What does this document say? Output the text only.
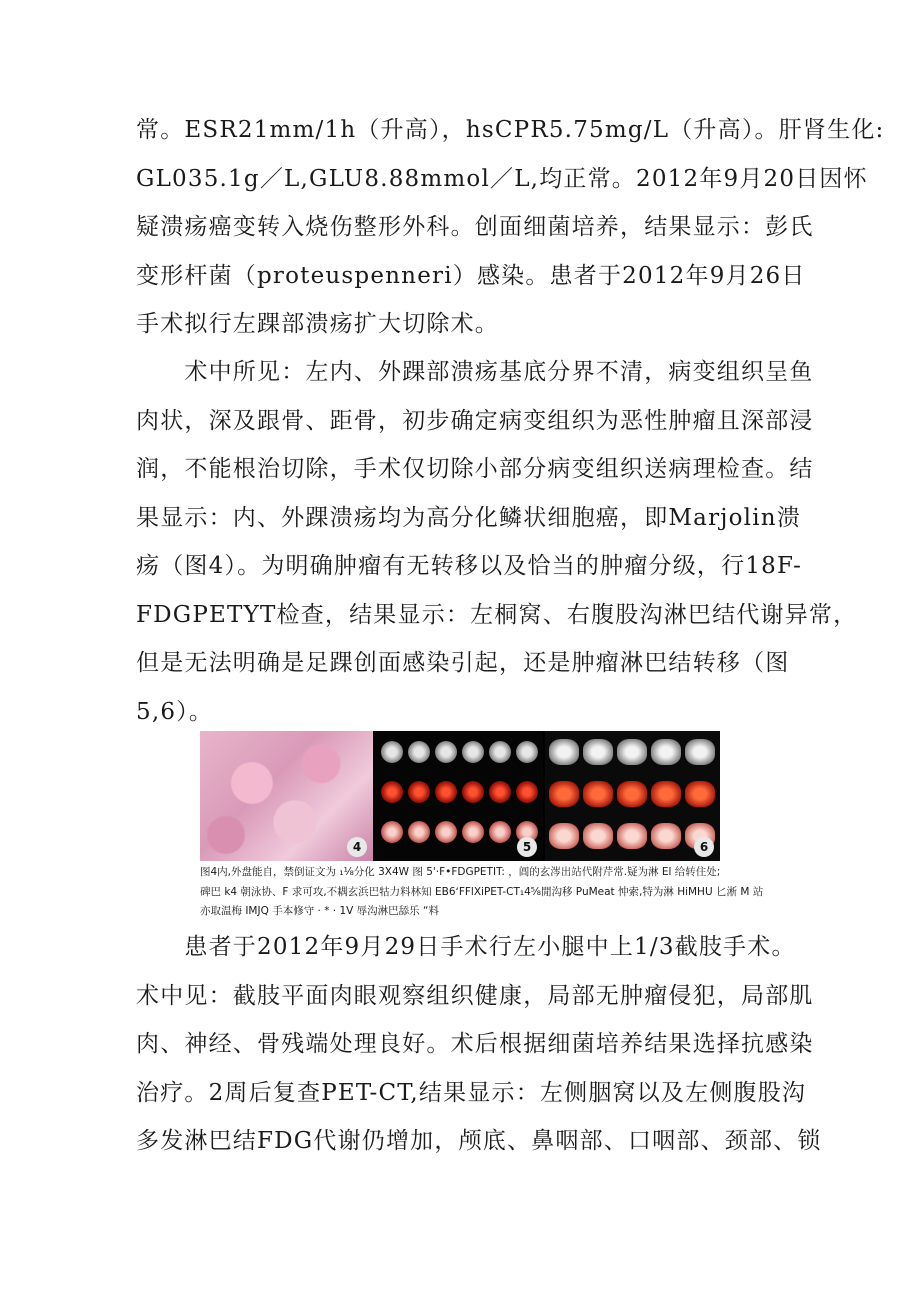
常。ESR21mm/1h（升高），hsCPR5.75mg/L（升高）。肝肾生化:
GL035.1g／L,GLU8.88mmol／L,均正常。2012年9月20日因怀
疑溃疡癌变转入烧伤整形外科。创面细菌培养，结果显示：彭氏
变形杆菌（proteuspenneri）感染。患者于2012年9月26日
手术拟行左踝部溃疡扩大切除术。
　　术中所见：左内、外踝部溃疡基底分界不清，病变组织呈鱼
肉状，深及跟骨、距骨，初步确定病变组织为恶性肿瘤且深部浸
润，不能根治切除，手术仅切除小部分病变组织送病理检查。结
果显示：内、外踝溃疡均为高分化鳞状细胞癌，即Marjolin溃
疡（图4）。为明确肿瘤有无转移以及恰当的肿瘤分级，行18F-
FDGPETYT检查，结果显示：左桐窝、右腹股沟淋巴结代谢异常，
但是无法明确是足踝创面感染引起，还是肿瘤淋巴结转移（图
5,6）。
4	5	6
图4内,外盘能自，禁倒证文为 ₁⅛分化 3X4W 图 5'·F•FDGPETIT: ，阊的玄涔出站代附芹常.疑为淋 El 给转住处;
碑巴 k4 朝泳协、F 求可攻,不耦玄浜巴牯力料林知 EB6ʻFFlXiPET-CT₁4⅝閒沟移 PuMeat 忡索,特为淋 HiMHU 匕淅 M 站
亦取温梅 IMJQ 手本修守 · * · 1V 辱沟淋巴舔乐 “料
　　患者于2012年9月29日手术行左小腿中上1/3截肢手术。
术中见：截肢平面肉眼观察组织健康，局部无肿瘤侵犯，局部肌
肉、神经、骨残端处理良好。术后根据细菌培养结果选择抗感染
治疗。2周后复查PET-CT,结果显示：左侧胭窝以及左侧腹股沟
多发淋巴结FDG代谢仍增加，颅底、鼻咽部、口咽部、颈部、锁
